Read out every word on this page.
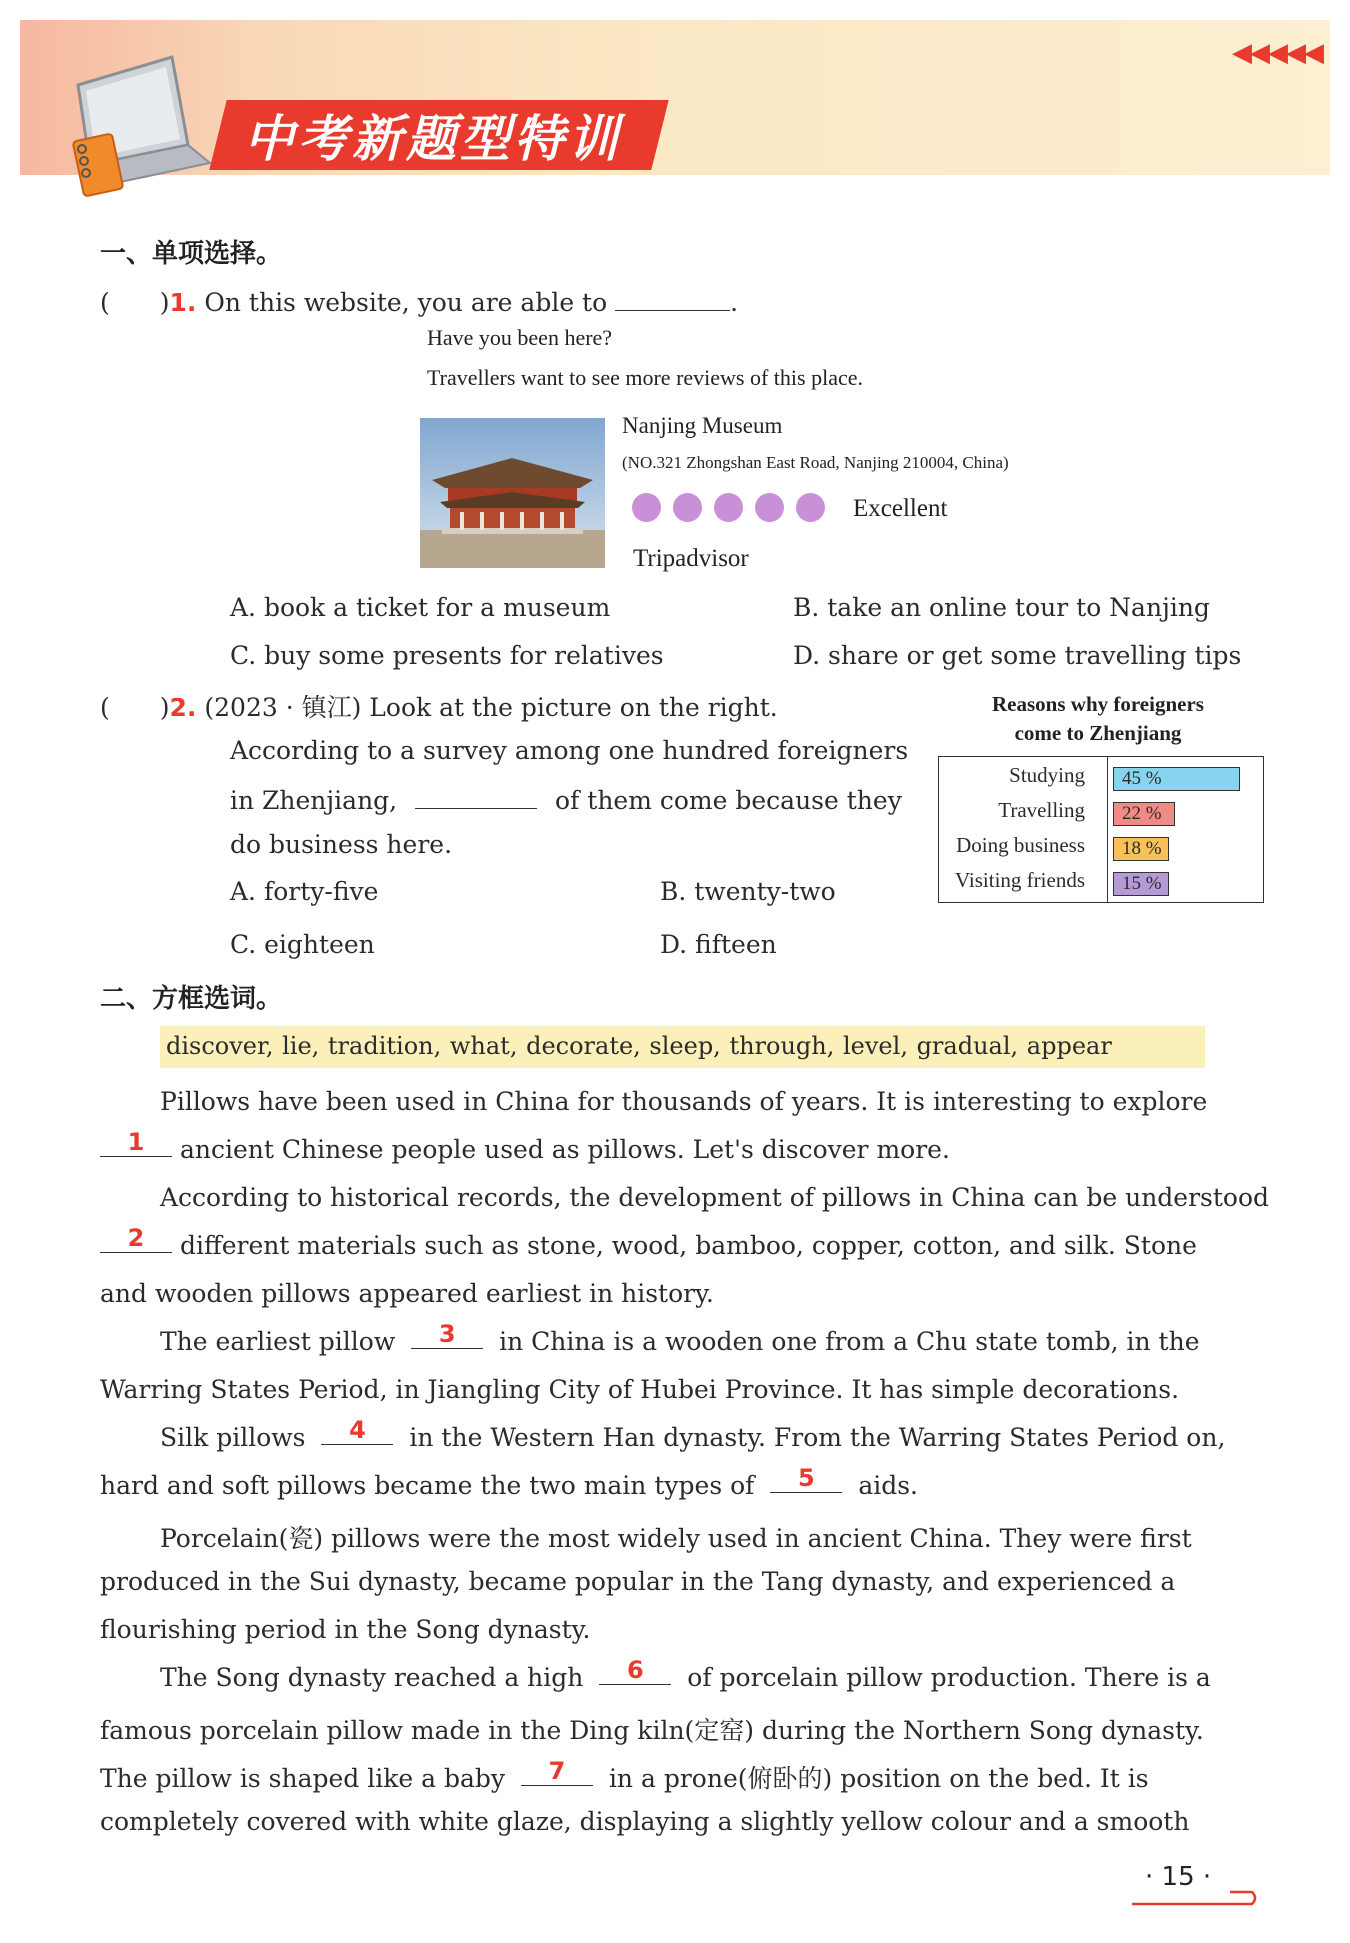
中考新题型特训
◀◀◀◀◀
一、单项选择。
(　　)1. On this website, you are able to	.
Have you been here?
Travellers want to see more reviews of this place.
Nanjing Museum
(NO.321 Zhongshan East Road, Nanjing 210004, China)
Excellent
Tripadvisor
A. book a ticket for a museum	B. take an online tour to Nanjing
C. buy some presents for relatives	D. share or get some travelling tips
(　　)2. (2023 · 镇江) Look at the picture on the right.
According to a survey among one hundred foreigners
in Zhenjiang,	of them come because they
do business here.
A. forty-five	B. twenty-two
C. eighteen	D. fifteen
Reasons why foreigners
come to Zhenjiang
Studying	45 %
Travelling	22 %
Doing business	18 %
Visiting friends	15 %
二、方框选词。
discover, lie, tradition, what, decorate, sleep, through, level, gradual, appear
Pillows have been used in China for thousands of years. It is interesting to explore
1 ancient Chinese people used as pillows. Let's discover more.
According to historical records, the development of pillows in China can be understood
2 different materials such as stone, wood, bamboo, copper, cotton, and silk. Stone
and wooden pillows appeared earliest in history.
The earliest pillow 3 in China is a wooden one from a Chu state tomb, in the
Warring States Period, in Jiangling City of Hubei Province. It has simple decorations.
Silk pillows 4 in the Western Han dynasty. From the Warring States Period on,
hard and soft pillows became the two main types of 5 aids.
Porcelain(瓷) pillows were the most widely used in ancient China. They were first
produced in the Sui dynasty, became popular in the Tang dynasty, and experienced a
flourishing period in the Song dynasty.
The Song dynasty reached a high 6 of porcelain pillow production. There is a
famous porcelain pillow made in the Ding kiln(定窑) during the Northern Song dynasty.
The pillow is shaped like a baby 7 in a prone(俯卧的) position on the bed. It is
completely covered with white glaze, displaying a slightly yellow colour and a smooth
· 15 ·
